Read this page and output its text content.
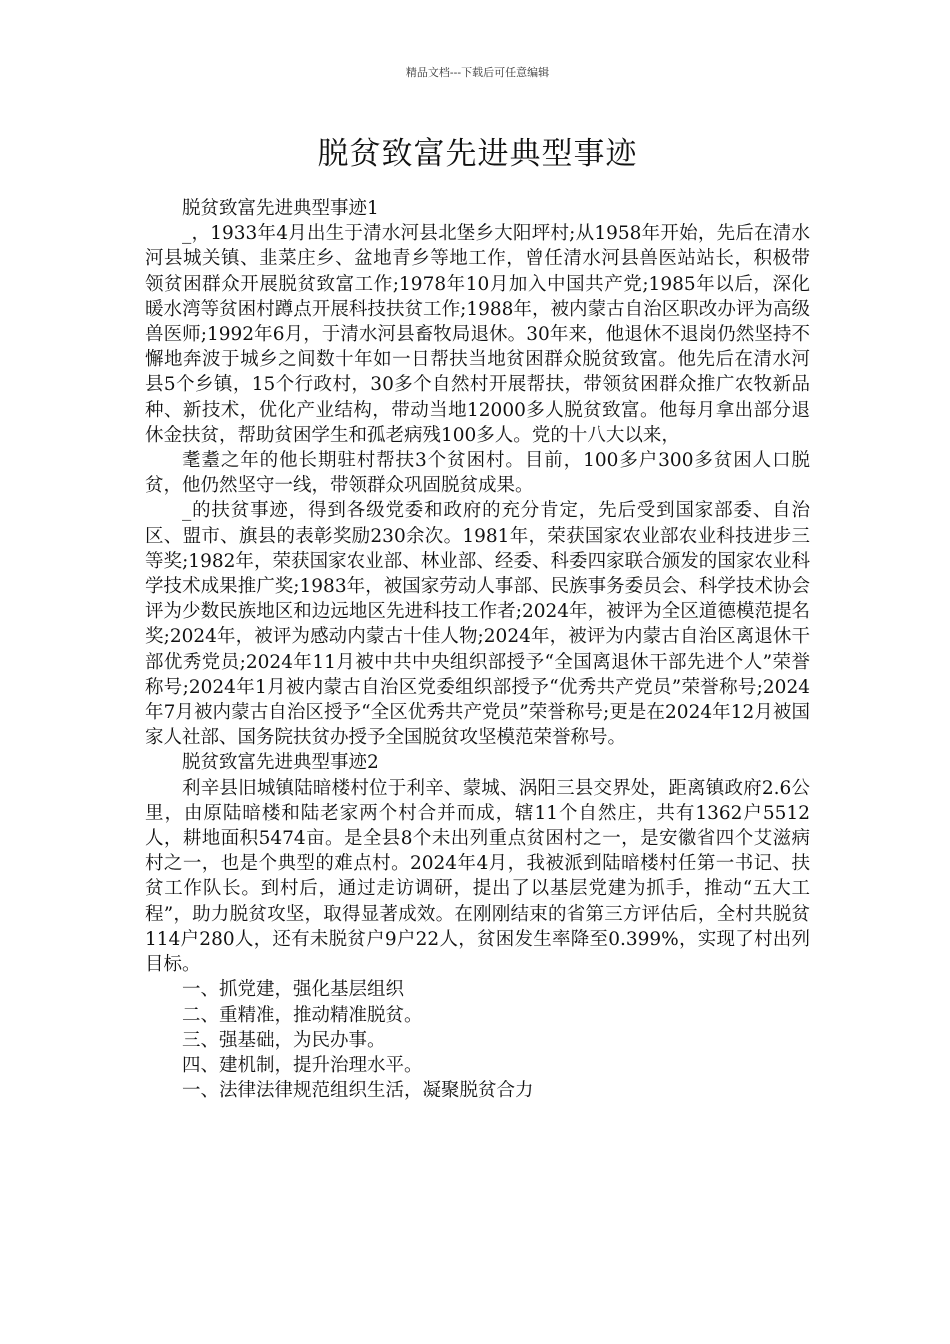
精品文档---下载后可任意编辑
脱贫致富先进典型事迹

脱贫致富先进典型事迹1

_，1933年4月出生于清水河县北堡乡大阳坪村;从1958年开始，先后在清水河县城关镇、韭菜庄乡、盆地青乡等地工作，曾任清水河县兽医站站长，积极带领贫困群众开展脱贫致富工作;1978年10月加入中国共产党;1985年以后，深化暖水湾等贫困村蹲点开展科技扶贫工作;1988年，被内蒙古自治区职改办评为高级兽医师;1992年6月，于清水河县畜牧局退休。30年来，他退休不退岗仍然坚持不懈地奔波于城乡之间数十年如一日帮扶当地贫困群众脱贫致富。他先后在清水河县5个乡镇，15个行政村，30多个自然村开展帮扶，带领贫困群众推广农牧新品种、新技术，优化产业结构，带动当地12000多人脱贫致富。他每月拿出部分退休金扶贫，帮助贫困学生和孤老病残100多人。党的十八大以来，

耄耋之年的他长期驻村帮扶3个贫困村。目前，100多户300多贫困人口脱贫，他仍然坚守一线，带领群众巩固脱贫成果。

_的扶贫事迹，得到各级党委和政府的充分肯定，先后受到国家部委、自治区、盟市、旗县的表彰奖励230余次。1981年，荣获国家农业部农业科技进步三等奖;1982年，荣获国家农业部、林业部、经委、科委四家联合颁发的国家农业科学技术成果推广奖;1983年，被国家劳动人事部、民族事务委员会、科学技术协会评为少数民族地区和边远地区先进科技工作者;2024年，被评为全区道德模范提名奖;2024年，被评为感动内蒙古十佳人物;2024年，被评为内蒙古自治区离退休干部优秀党员;2024年11月被中共中央组织部授予“全国离退休干部先进个人”荣誉称号;2024年1月被内蒙古自治区党委组织部授予“优秀共产党员”荣誉称号;2024年7月被内蒙古自治区授予“全区优秀共产党员”荣誉称号;更是在2024年12月被国家人社部、国务院扶贫办授予全国脱贫攻坚模范荣誉称号。

脱贫致富先进典型事迹2

利辛县旧城镇陆暗楼村位于利辛、蒙城、涡阳三县交界处，距离镇政府2.6公里，由原陆暗楼和陆老家两个村合并而成，辖11个自然庄，共有1362户5512人，耕地面积5474亩。是全县8个未出列重点贫困村之一，是安徽省四个艾滋病村之一，也是个典型的难点村。2024年4月，我被派到陆暗楼村任第一书记、扶贫工作队长。到村后，通过走访调研，提出了以基层党建为抓手，推动“五大工程”，助力脱贫攻坚，取得显著成效。在刚刚结束的省第三方评估后，全村共脱贫114户280人，还有未脱贫户9户22人，贫困发生率降至0.399%，实现了村出列目标。

一、抓党建，强化基层组织

二、重精准，推动精准脱贫。

三、强基础，为民办事。

四、建机制，提升治理水平。

一、法律法律规范组织生活，凝聚脱贫合力
